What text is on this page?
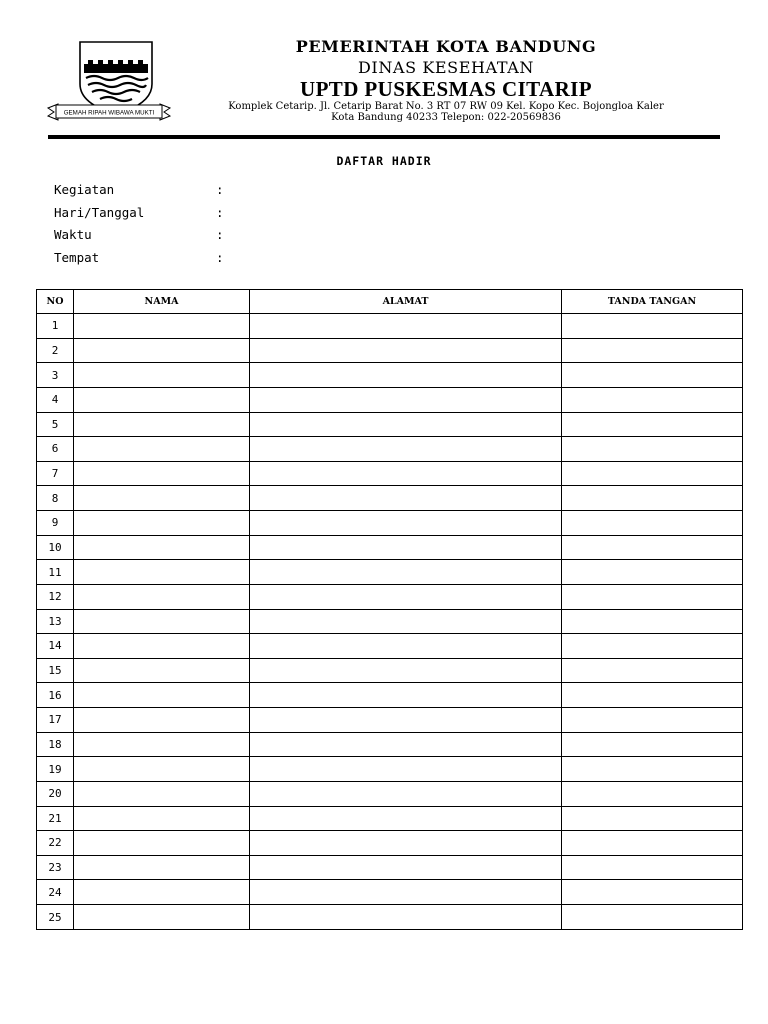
GEMAH RIPAH WIBAWA MUKTI
PEMERINTAH KOTA BANDUNG
DINAS KESEHATAN
UPTD PUSKESMAS CITARIP
Komplek Cetarip. Jl. Cetarip Barat No. 3 RT 07 RW 09 Kel. Kopo Kec. Bojongloa Kaler
Kota Bandung 40233 Telepon: 022-20569836
DAFTAR HADIR
Kegiatan	:
Hari/Tanggal	:
Waktu	:
Tempat	:
NO	NAMA	ALAMAT	TANDA TANGAN
1			
2			
3			
4			
5			
6			
7			
8			
9			
10			
11			
12			
13			
14			
15			
16			
17			
18			
19			
20			
21			
22			
23			
24			
25			
